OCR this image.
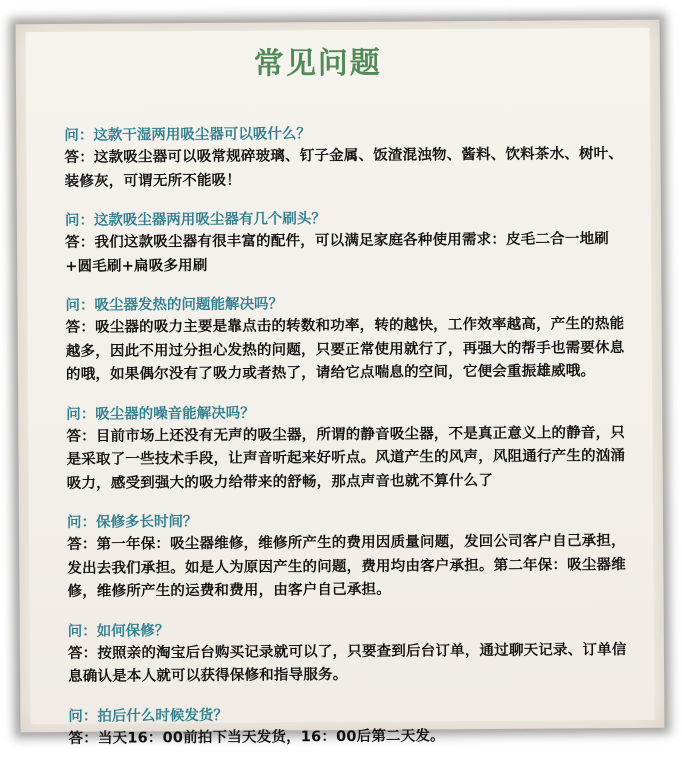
常见问题
问：这款干湿两用吸尘器可以吸什么？
答：这款吸尘器可以吸常规碎玻璃、钉子金属、饭渣混浊物、酱料、饮料茶水、树叶、装修灰，可谓无所不能吸！
问：这款吸尘器两用吸尘器有几个刷头？
答：我们这款吸尘器有很丰富的配件，可以满足家庭各种使用需求：皮毛二合一地刷+圆毛刷+扁吸多用刷
问：吸尘器发热的问题能解决吗？
答：吸尘器的吸力主要是靠点击的转数和功率，转的越快，工作效率越高，产生的热能越多，因此不用过分担心发热的问题，只要正常使用就行了，再强大的帮手也需要休息的哦，如果偶尔没有了吸力或者热了，请给它点喘息的空间，它便会重振雄威哦。
问：吸尘器的噪音能解决吗？
答：目前市场上还没有无声的吸尘器，所谓的静音吸尘器，不是真正意义上的静音，只是采取了一些技术手段，让声音听起来好听点。风道产生的风声，风阻通行产生的汹涌吸力，感受到强大的吸力给带来的舒畅，那点声音也就不算什么了
问：保修多长时间？
答：第一年保：吸尘器维修，维修所产生的费用因质量问题，发回公司客户自己承担，发出去我们承担。如是人为原因产生的问题，费用均由客户承担。第二年保：吸尘器维修，维修所产生的运费和费用，由客户自己承担。
问：如何保修？
答：按照亲的淘宝后台购买记录就可以了，只要查到后台订单，通过聊天记录、订单信息确认是本人就可以获得保修和指导服务。
问：拍后什么时候发货？
答：当天16：00前拍下当天发货，16：00后第二天发。
